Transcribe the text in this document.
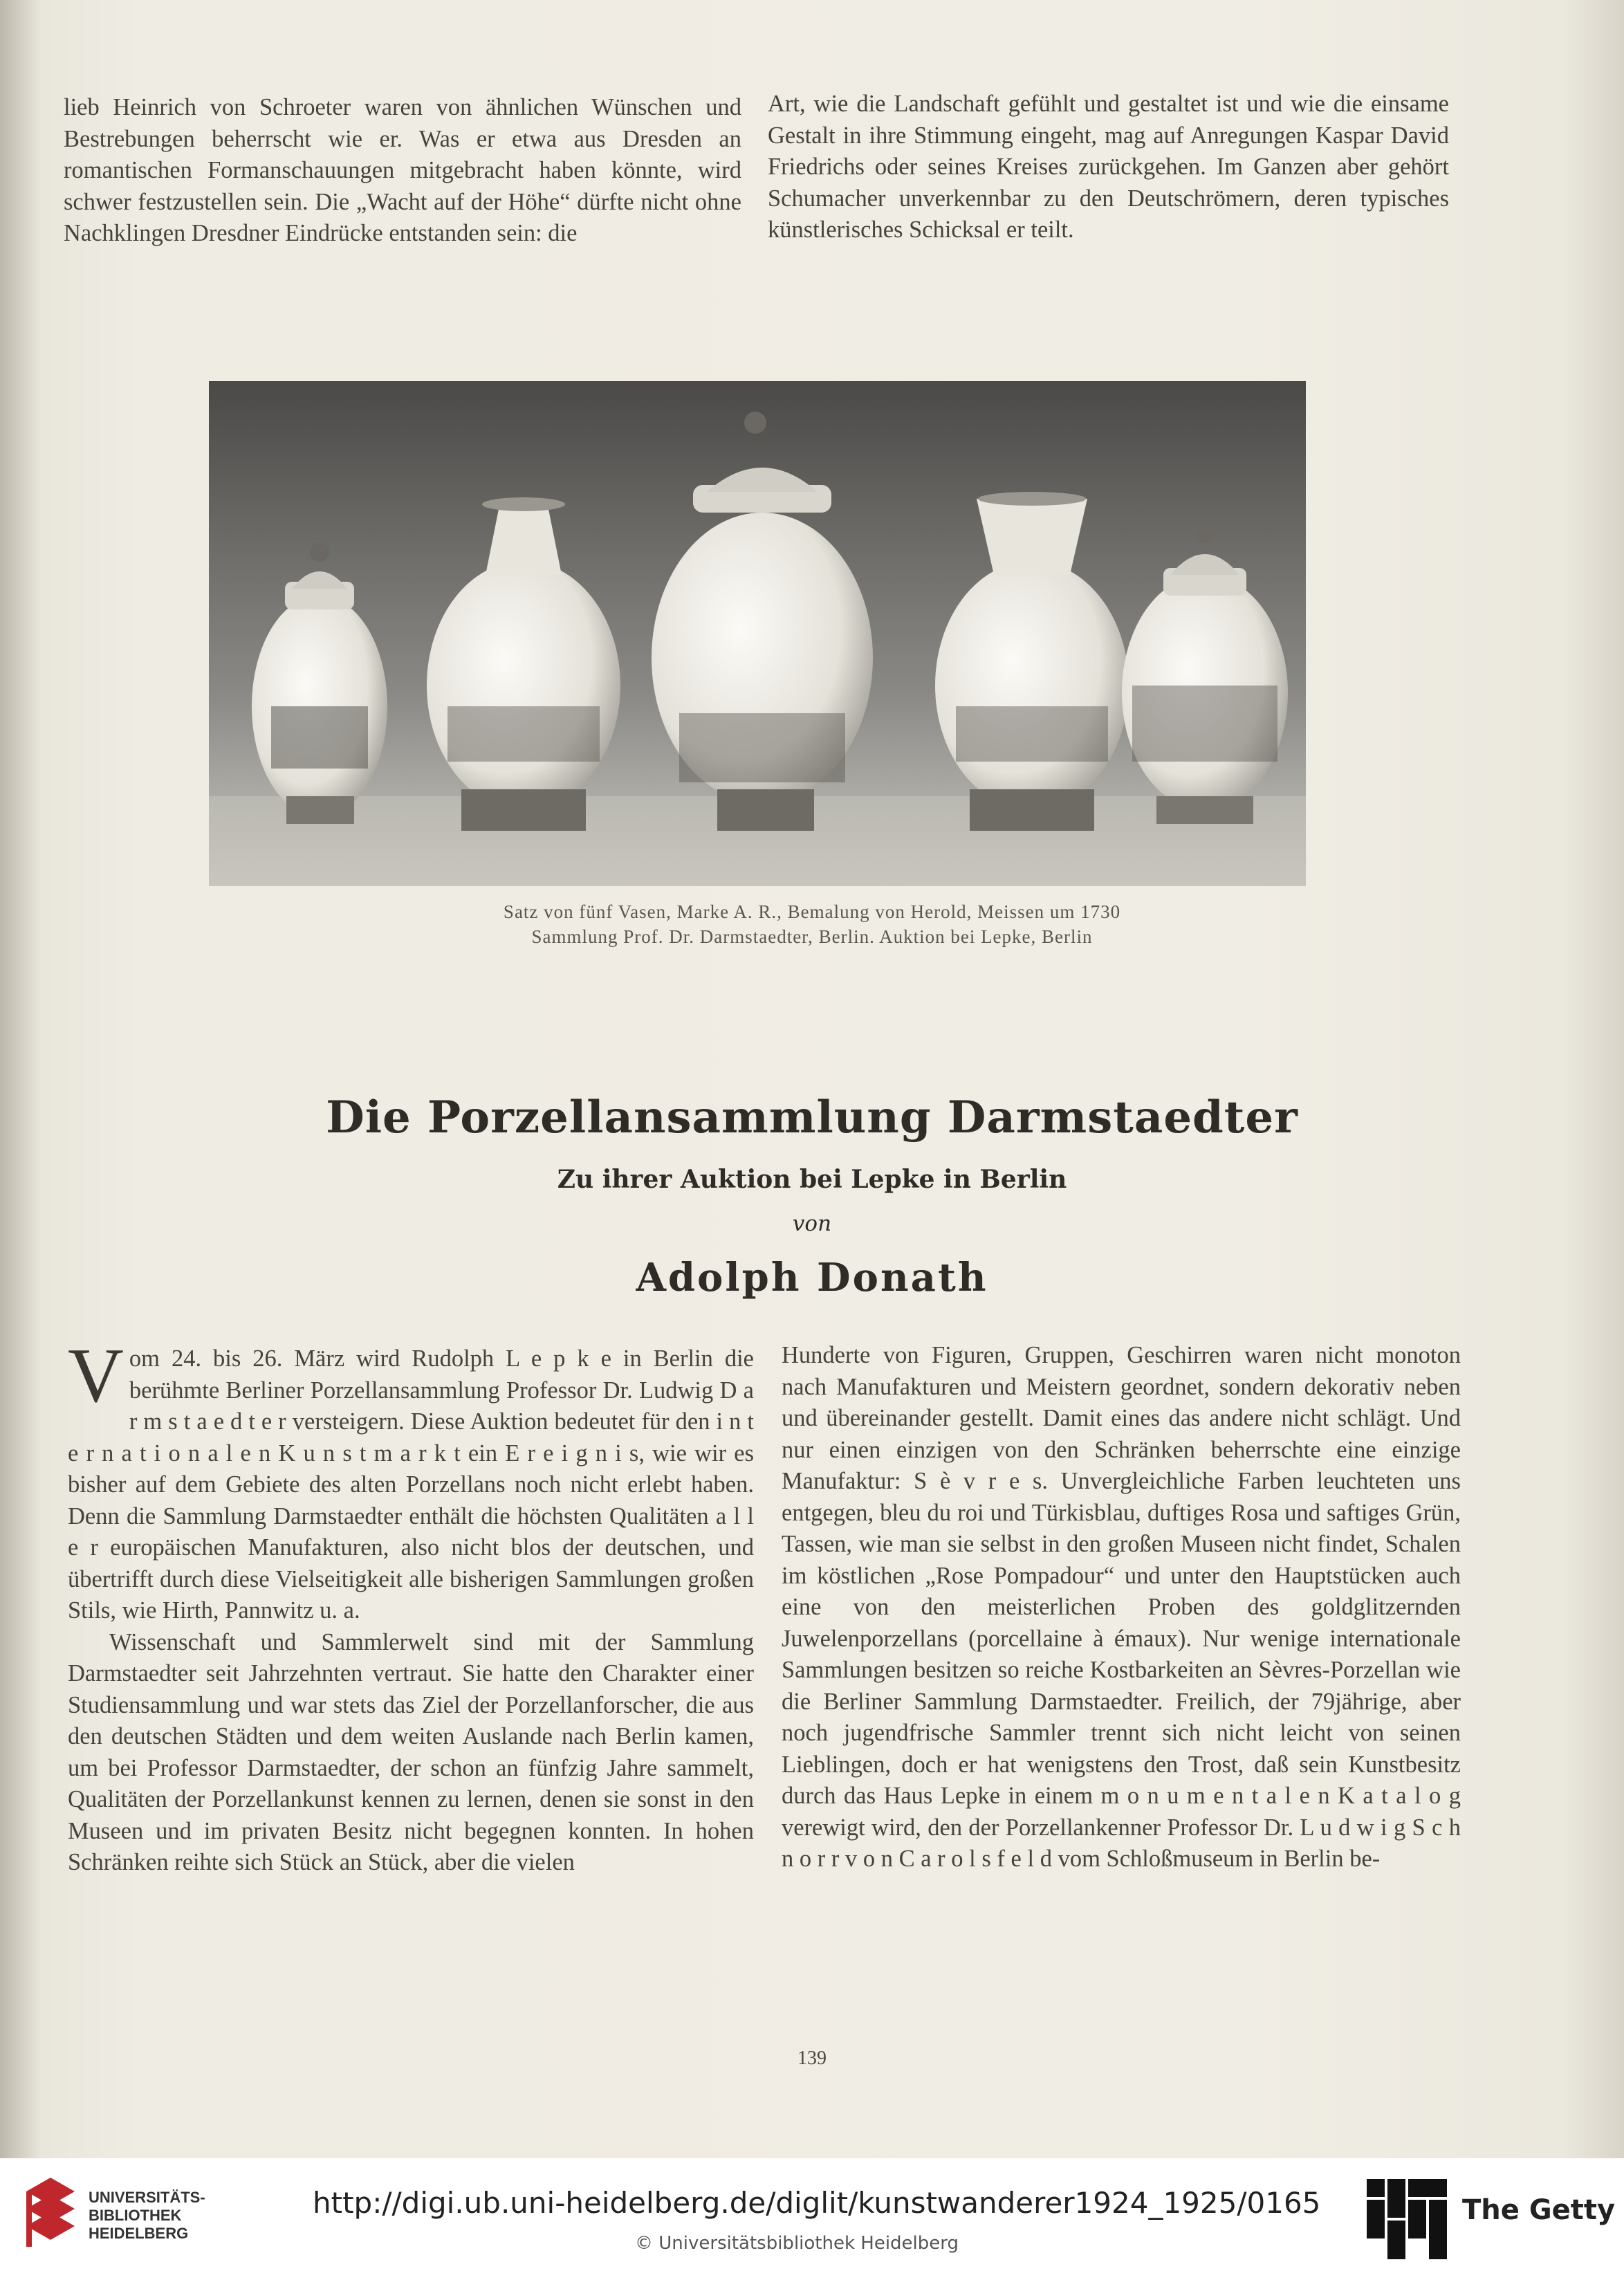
lieb Heinrich von Schroeter waren von ähnlichen Wünschen und Bestrebungen beherrscht wie er. Was er etwa aus Dresden an romantischen Formanschauungen mitgebracht haben könnte, wird schwer festzustellen sein. Die „Wacht auf der Höhe“ dürfte nicht ohne Nachklingen Dresdner Eindrücke entstanden sein: die

Art, wie die Landschaft gefühlt und gestaltet ist und wie die einsame Gestalt in ihre Stimmung eingeht, mag auf Anregungen Kaspar David Friedrichs oder seines Kreises zurückgehen. Im Ganzen aber gehört Schumacher unverkennbar zu den Deutschrömern, deren typisches künstlerisches Schicksal er teilt.

Satz von fünf Vasen, Marke A. R., Bemalung von Herold, Meissen um 1730
Sammlung Prof. Dr. Darmstaedter, Berlin. Auktion bei Lepke, Berlin
Die Porzellansammlung Darmstaedter
Zu ihrer Auktion bei Lepke in Berlin
von
Adolph Donath

Vom 24. bis 26. März wird Rudolph L e p k e in Berlin die berühmte Berliner Porzellansammlung Professor Dr. Ludwig D a r m s t a e d t e r versteigern. Diese Auktion bedeutet für den i n t e r n a t i o n a l e n K u n s t m a r k t ein E r e i g n i s, wie wir es bisher auf dem Gebiete des alten Porzellans noch nicht erlebt haben. Denn die Sammlung Darmstaedter enthält die höchsten Qualitäten a l l e r europäischen Manufakturen, also nicht blos der deutschen, und übertrifft durch diese Vielseitigkeit alle bisherigen Sammlungen großen Stils, wie Hirth, Pannwitz u. a.

Wissenschaft und Sammlerwelt sind mit der Sammlung Darmstaedter seit Jahrzehnten vertraut. Sie hatte den Charakter einer Studiensammlung und war stets das Ziel der Porzellanforscher, die aus den deutschen Städten und dem weiten Auslande nach Berlin kamen, um bei Professor Darmstaedter, der schon an fünfzig Jahre sammelt, Qualitäten der Porzellankunst kennen zu lernen, denen sie sonst in den Museen und im privaten Besitz nicht begegnen konnten. In hohen Schränken reihte sich Stück an Stück, aber die vielen

Hunderte von Figuren, Gruppen, Geschirren waren nicht monoton nach Manufakturen und Meistern geordnet, sondern dekorativ neben und übereinander gestellt. Damit eines das andere nicht schlägt. Und nur einen einzigen von den Schränken beherrschte eine einzige Manufaktur: S è v r e s. Unvergleichliche Farben leuchteten uns entgegen, bleu du roi und Türkisblau, duftiges Rosa und saftiges Grün, Tassen, wie man sie selbst in den großen Museen nicht findet, Schalen im köstlichen „Rose Pompadour“ und unter den Hauptstücken auch eine von den meisterlichen Proben des goldglitzernden Juwelenporzellans (porcellaine à émaux). Nur wenige internationale Sammlungen besitzen so reiche Kostbarkeiten an Sèvres-Porzellan wie die Berliner Sammlung Darmstaedter. Freilich, der 79jährige, aber noch jugendfrische Sammler trennt sich nicht leicht von seinen Lieblingen, doch er hat wenigstens den Trost, daß sein Kunstbesitz durch das Haus Lepke in einem m o n u m e n t a l e n K a t a l o g verewigt wird, den der Porzellankenner Professor Dr. L u d w i g S c h n o r r v o n C a r o l s f e l d vom Schloßmuseum in Berlin be-

139
UNIVERSITÄTS-
BIBLIOTHEK
HEIDELBERG
http://digi.ub.uni-heidelberg.de/diglit/kunstwanderer1924_1925/0165
© Universitätsbibliothek Heidelberg
The Getty
